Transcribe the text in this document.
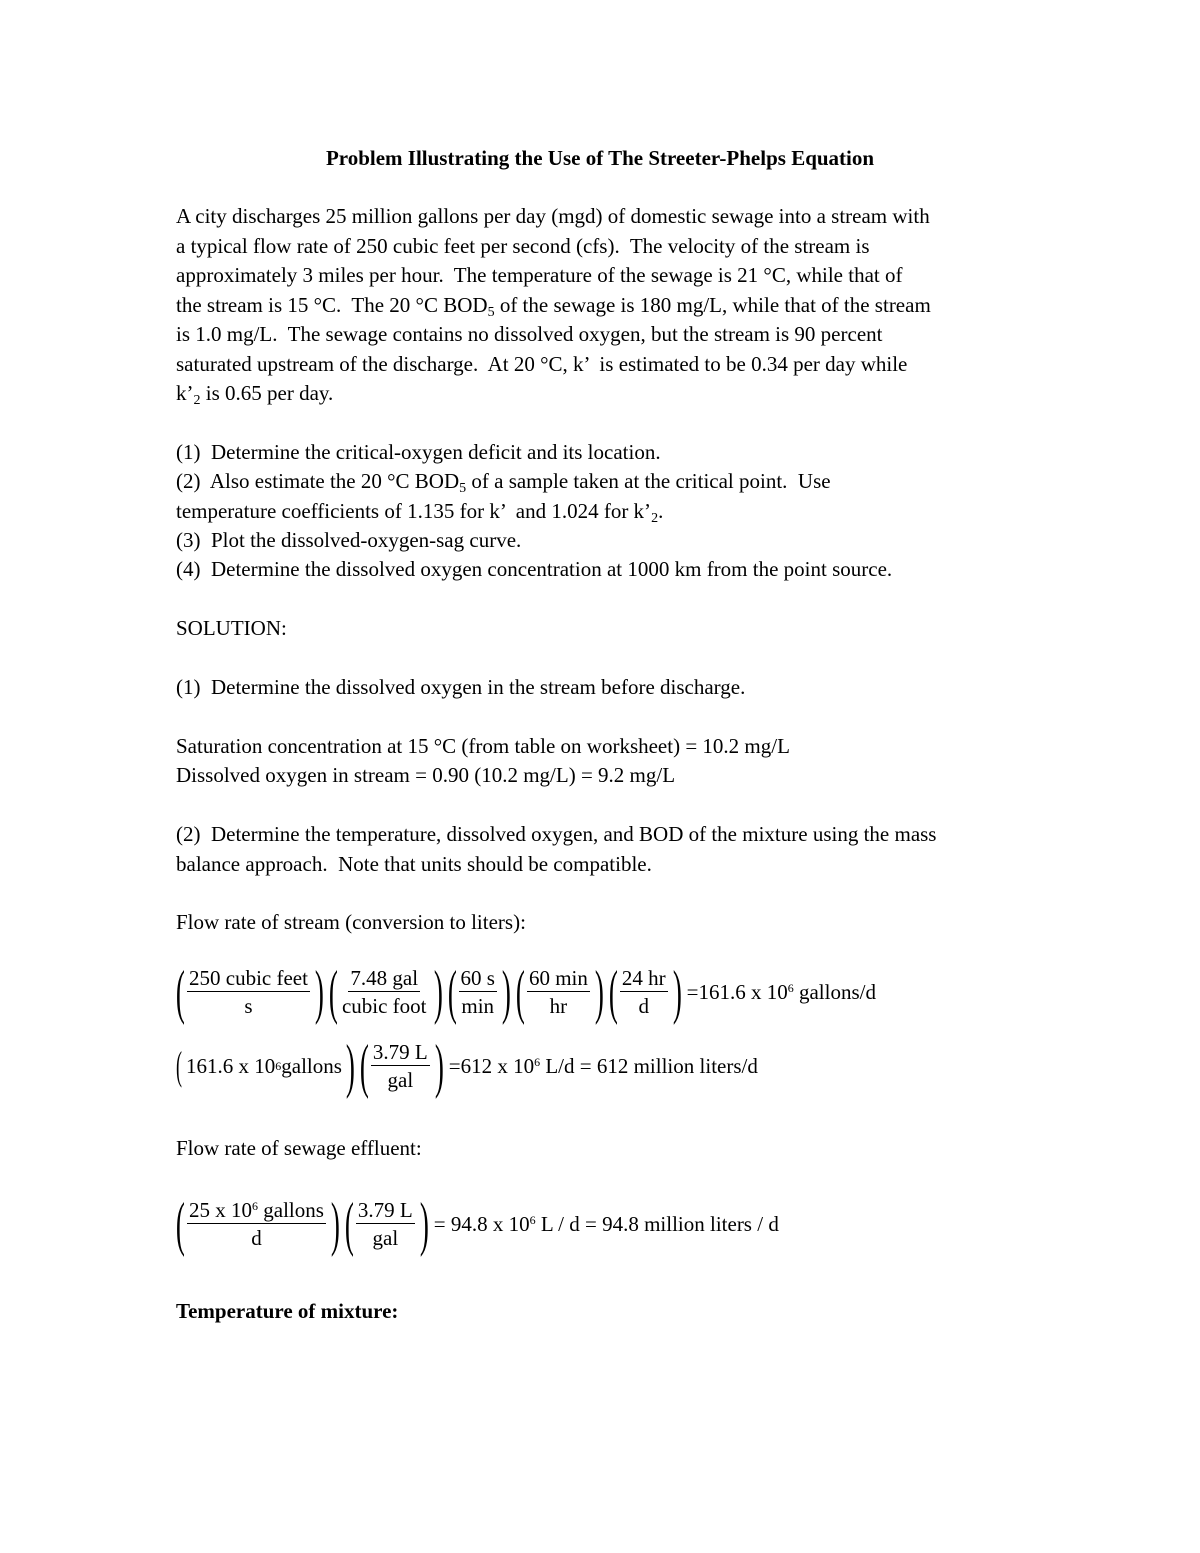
Problem Illustrating the Use of The Streeter-Phelps Equation
A city discharges 25 million gallons per day (mgd) of domestic sewage into a stream with
a typical flow rate of 250 cubic feet per second (cfs).  The velocity of the stream is
approximately 3 miles per hour.  The temperature of the sewage is 21 °C, while that of
the stream is 15 °C.  The 20 °C $BOD_5$ of the sewage is 180 mg/L, while that of the stream
is 1.0 mg/L.  The sewage contains no dissolved oxygen, but the stream is 90 percent
saturated upstream of the discharge.  At 20 °C, k’  is estimated to be 0.34 per day while
$k’_2$ is 0.65 per day.
(1)  Determine the critical-oxygen deficit and its location.
(2)  Also estimate the 20 °C $BOD_5$ of a sample taken at the critical point.  Use
temperature coefficients of 1.135 for k’  and 1.024 for $k’_2$.
(3)  Plot the dissolved-oxygen-sag curve.
(4)  Determine the dissolved oxygen concentration at 1000 km from the point source.
SOLUTION:
(1)  Determine the dissolved oxygen in the stream before discharge.
Saturation concentration at 15 °C (from table on worksheet) = 10.2 mg/L
Dissolved oxygen in stream = 0.90 (10.2 mg/L) = 9.2 mg/L
(2)  Determine the temperature, dissolved oxygen, and BOD of the mixture using the mass
balance approach.  Note that units should be compatible.
Flow rate of stream (conversion to liters):
( $\frac{\text{250 cubic feet}}{s}$ ) ( $\frac{\text{7.48 gal}}{\text{cubic foot}}$ ) ( $\frac{60 s}{\min}$ ) ( $\frac{60 \min}{hr}$ ) ( $\frac{24 hr}{d}$ ) =161.6 x $10^6$ gallons/d
( 161.6 x 10 6 gallons ) ( $\frac{3.79 L}{\text{gal}}$ ) =612 x $10^6$ L/d = 612 million liters/d
Flow rate of sewage effluent:
( $\frac{25 x 10^6 gallons}{d}$ ) ( $\frac{3.79 L}{\text{gal}}$ ) = 94.8 x $10^6$ L / d = 94.8 million liters / d
Temperature of mixture:
